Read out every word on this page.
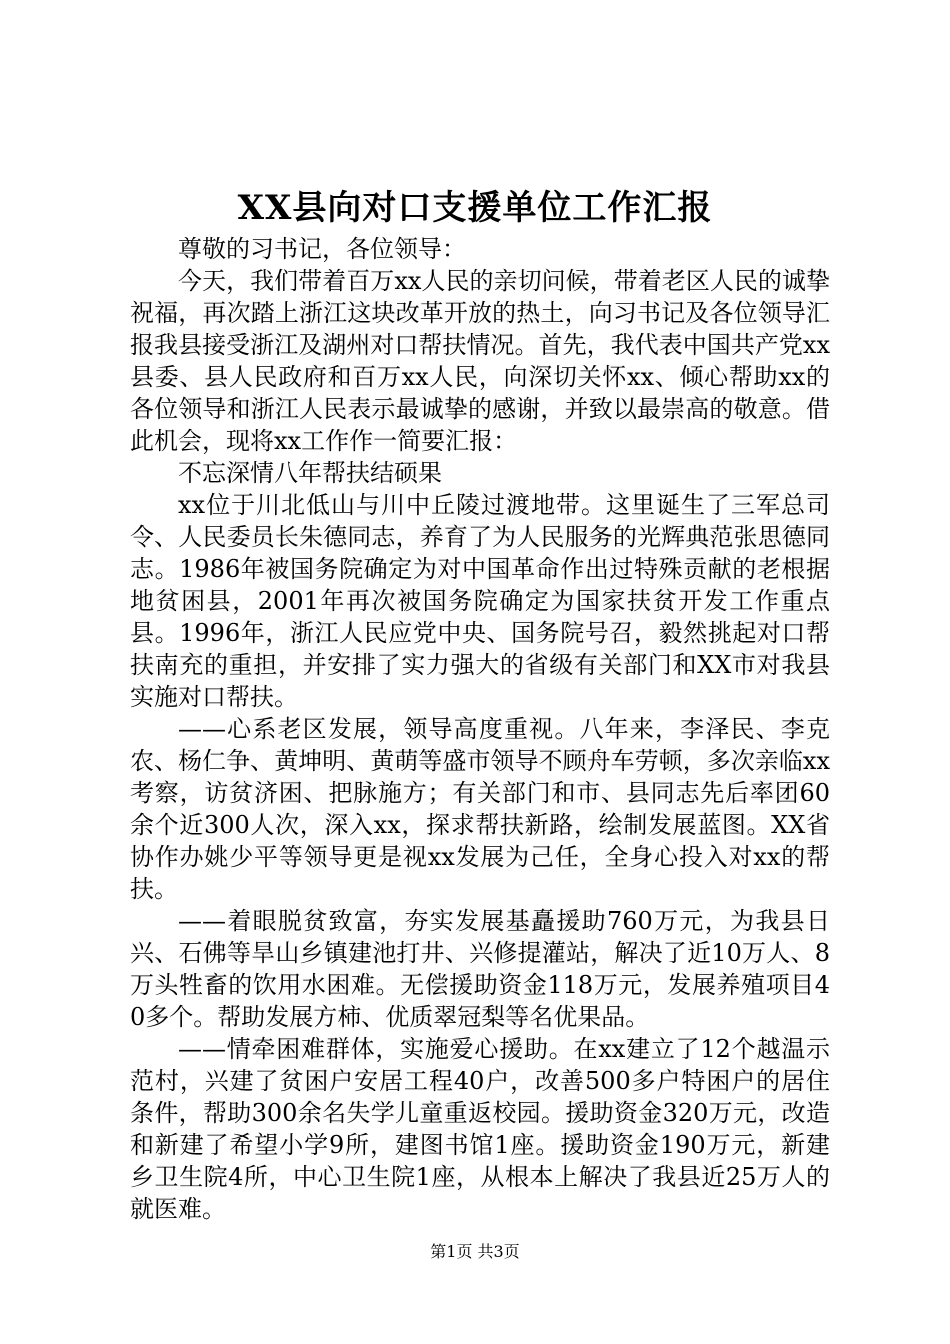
XX县向对口支援单位工作汇报

尊敬的习书记，各位领导：

今天，我们带着百万xx人民的亲切问候，带着老区人民的诚挚祝福，再次踏上浙江这块改革开放的热土，向习书记及各位领导汇报我县接受浙江及湖州对口帮扶情况。首先，我代表中国共产党xx县委、县人民政府和百万xx人民，向深切关怀xx、倾心帮助xx的各位领导和浙江人民表示最诚挚的感谢，并致以最崇高的敬意。借此机会，现将xx工作作一简要汇报：

不忘深情八年帮扶结硕果

xx位于川北低山与川中丘陵过渡地带。这里诞生了三军总司令、人民委员长朱德同志，养育了为人民服务的光辉典范张思德同志。1986年被国务院确定为对中国革命作出过特殊贡献的老根据地贫困县，2001年再次被国务院确定为国家扶贫开发工作重点县。1996年，浙江人民应党中央、国务院号召，毅然挑起对口帮扶南充的重担，并安排了实力强大的省级有关部门和XX市对我县实施对口帮扶。

——心系老区发展，领导高度重视。八年来，李泽民、李克农、杨仁争、黄坤明、黄萌等盛市领导不顾舟车劳顿，多次亲临xx考察，访贫济困、把脉施方；有关部门和市、县同志先后率团60余个近300人次，深入xx，探求帮扶新路，绘制发展蓝图。XX省协作办姚少平等领导更是视xx发展为己任，全身心投入对xx的帮扶。

——着眼脱贫致富，夯实发展基矗援助760万元，为我县日兴、石佛等旱山乡镇建池打井、兴修提灌站，解决了近10万人、8万头牲畜的饮用水困难。无偿援助资金118万元，发展养殖项目40多个。帮助发展方柿、优质翠冠梨等名优果品。

——情牵困难群体，实施爱心援助。在xx建立了12个越温示范村，兴建了贫困户安居工程40户，改善500多户特困户的居住条件，帮助300余名失学儿童重返校园。援助资金320万元，改造和新建了希望小学9所，建图书馆1座。援助资金190万元，新建乡卫生院4所，中心卫生院1座，从根本上解决了我县近25万人的就医难。

第1页 共3页
